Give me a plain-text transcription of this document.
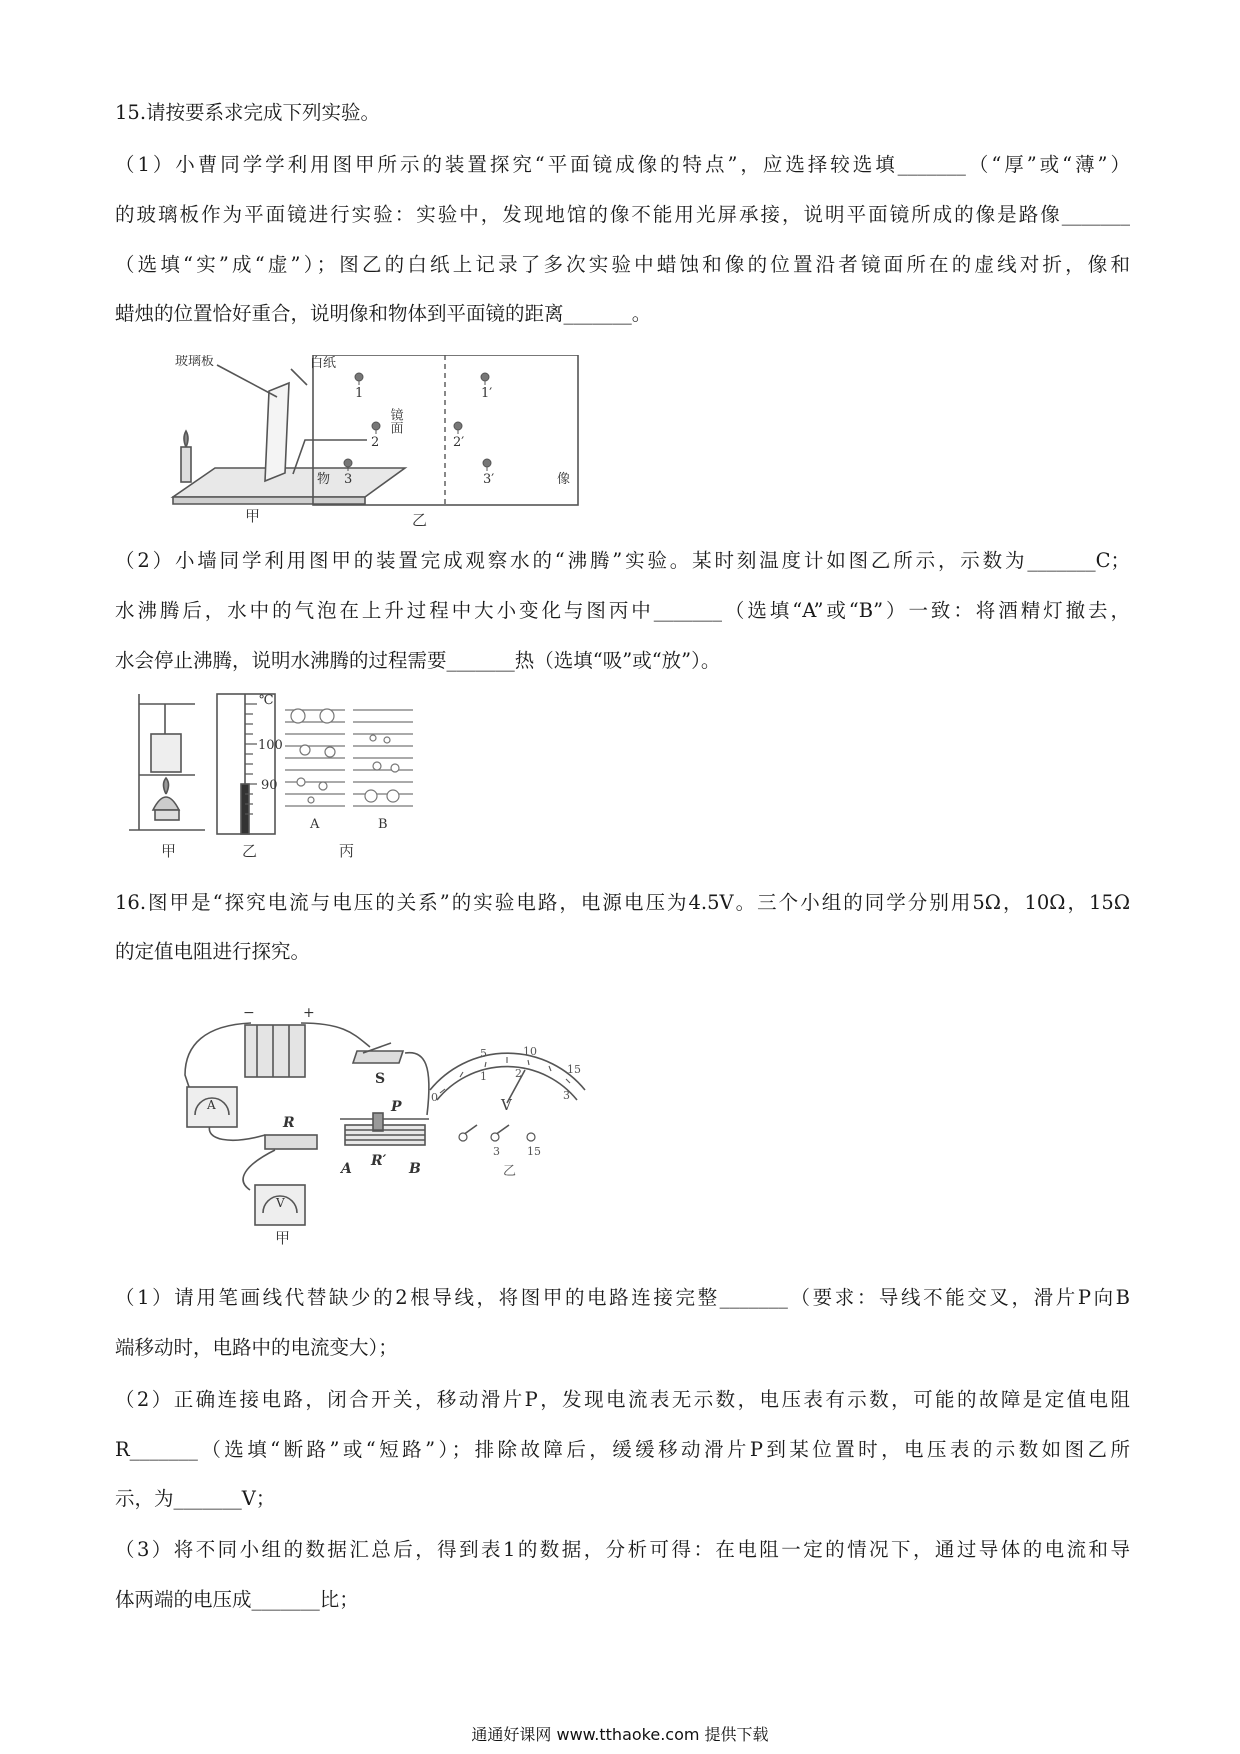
15.请按要系求完成下列实验。

（1）小曹同学学利用图甲所示的装置探究“平面镜成像的特点”，应选择较选填_______（“厚”或“薄”）

的玻璃板作为平面镜进行实验：实验中，发现地馆的像不能用光屏承接，说明平面镜所成的像是路像_______

（选填“实”成“虚”）；图乙的白纸上记录了多次实验中蜡蚀和像的位置沿者镜面所在的虚线对折，像和

蜡烛的位置恰好重合，说明像和物体到平面镜的距离_______。

玻璃板	白纸
1
2
3
1′
2′
3′
物	像
乙
镜面
甲

（2）小墙同学利用图甲的装置完成观察水的“沸腾”实验。某时刻温度计如图乙所示，示数为_______C；

水沸腾后，水中的气泡在上升过程中大小变化与图丙中_______（选填“A”或“B”）一致：将酒精灯撤去，

水会停止沸腾，说明水沸腾的过程需要_______热（选填“吸”或“放”）。

℃
100
90
A	B
甲	乙	丙

16.图甲是“探究电流与电压的关系”的实验电路，电源电压为4.5V。三个小组的同学分别用5Ω，10Ω，15Ω

的定值电阻进行探究。

−	+
S
R
P
R′
A	B
A
V
甲
5	10
15
0
1	2
3
3 15
V
乙

（1）请用笔画线代替缺少的2根导线，将图甲的电路连接完整_______（要求：导线不能交叉，滑片P向B

端移动时，电路中的电流变大）；

（2）正确连接电路，闭合开关，移动滑片P，发现电流表无示数，电压表有示数，可能的故障是定值电阻

R_______（选填“断路”或“短路”）；排除故障后，缓缓移动滑片P到某位置时，电压表的示数如图乙所

示，为_______V；

（3）将不同小组的数据汇总后，得到表1的数据，分析可得：在电阻一定的情况下，通过导体的电流和导

体两端的电压成_______比；

通通好课网 www.tthaoke.com 提供下载
